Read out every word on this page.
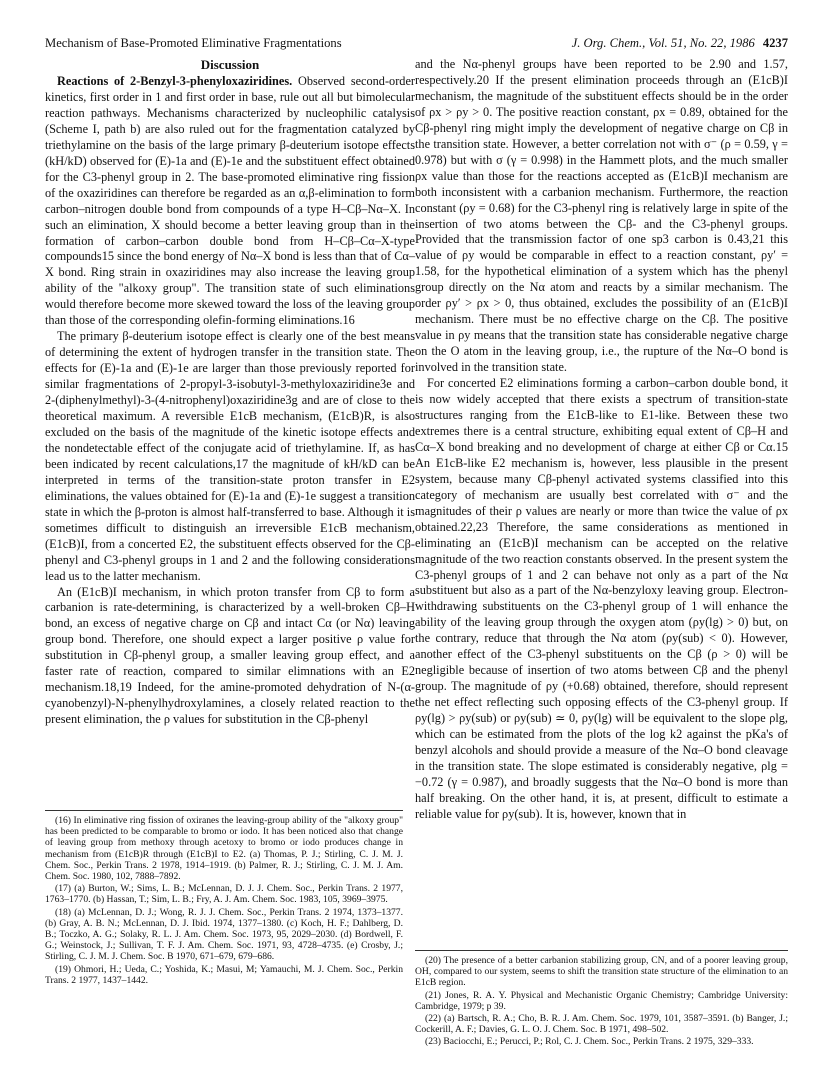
Mechanism of Base-Promoted Eliminative Fragmentations	J. Org. Chem., Vol. 51, No. 22, 1986 4237
Discussion

Reactions of 2-Benzyl-3-phenyloxaziridines. Observed second-order kinetics, first order in 1 and first order in base, rule out all but bimolecular reaction pathways. Mechanisms characterized by nucleophilic catalysis (Scheme I, path b) are also ruled out for the fragmentation catalyzed by triethylamine on the basis of the large primary β-deuterium isotope effects (kH/kD) observed for (E)-1a and (E)-1e and the substituent effect obtained for the C3-phenyl group in 2. The base-promoted eliminative ring fission of the oxaziridines can therefore be regarded as an α,β-elimination to form carbon–nitrogen double bond from compounds of a type H–Cβ–Nα–X. In such an elimination, X should become a better leaving group than in the formation of carbon–carbon double bond from H–Cβ–Cα–X-type compounds15 since the bond energy of Nα–X bond is less than that of Cα–X bond. Ring strain in oxaziridines may also increase the leaving group ability of the "alkoxy group". The transition state of such eliminations would therefore become more skewed toward the loss of the leaving group than those of the corresponding olefin-forming eliminations.16

The primary β-deuterium isotope effect is clearly one of the best means of determining the extent of hydrogen transfer in the transition state. The effects for (E)-1a and (E)-1e are larger than those previously reported for similar fragmentations of 2-propyl-3-isobutyl-3-methyloxaziridine3e and 2-(diphenylmethyl)-3-(4-nitrophenyl)oxaziridine3g and are of close to the theoretical maximum. A reversible E1cB mechanism, (E1cB)R, is also excluded on the basis of the magnitude of the kinetic isotope effects and the nondetectable effect of the conjugate acid of triethylamine. If, as has been indicated by recent calculations,17 the magnitude of kH/kD can be interpreted in terms of the transition-state proton transfer in E2 eliminations, the values obtained for (E)-1a and (E)-1e suggest a transition state in which the β-proton is almost half-transferred to base. Although it is sometimes difficult to distinguish an irreversible E1cB mechanism, (E1cB)I, from a concerted E2, the substituent effects observed for the Cβ-phenyl and C3-phenyl groups in 1 and 2 and the following considerations lead us to the latter mechanism.

An (E1cB)I mechanism, in which proton transfer from Cβ to form a carbanion is rate-determining, is characterized by a well-broken Cβ–H bond, an excess of negative charge on Cβ and intact Cα (or Nα) leaving group bond. Therefore, one should expect a larger positive ρ value for substitution in Cβ-phenyl group, a smaller leaving group effect, and a faster rate of reaction, compared to similar elimnations with an E2 mechanism.18,19 Indeed, for the amine-promoted dehydration of N-(α-cyanobenzyl)-N-phenylhydroxylamines, a closely related reaction to the present elimination, the ρ values for substitution in the Cβ-phenyl

(16) In eliminative ring fission of oxiranes the leaving-group ability of the "alkoxy group" has been predicted to be comparable to bromo or iodo. It has been noticed also that change of leaving group from methoxy through acetoxy to bromo or iodo produces change in mechanism from (E1cB)R through (E1cB)I to E2. (a) Thomas, P. J.; Stirling, C. J. M. J. Chem. Soc., Perkin Trans. 2 1978, 1914–1919. (b) Palmer, R. J.; Stirling, C. J. M. J. Am. Chem. Soc. 1980, 102, 7888–7892.

(17) (a) Burton, W.; Sims, L. B.; McLennan, D. J. J. Chem. Soc., Perkin Trans. 2 1977, 1763–1770. (b) Hassan, T.; Sim, L. B.; Fry, A. J. Am. Chem. Soc. 1983, 105, 3969–3975.

(18) (a) McLennan, D. J.; Wong, R. J. J. Chem. Soc., Perkin Trans. 2 1974, 1373–1377. (b) Gray, A. B. N.; McLennan, D. J. Ibid. 1974, 1377–1380. (c) Koch, H. F.; Dahlberg, D. B.; Toczko, A. G.; Solaky, R. L. J. Am. Chem. Soc. 1973, 95, 2029–2030. (d) Bordwell, F. G.; Weinstock, J.; Sullivan, T. F. J. Am. Chem. Soc. 1971, 93, 4728–4735. (e) Crosby, J.; Stirling, C. J. M. J. Chem. Soc. B 1970, 671–679, 679–686.

(19) Ohmori, H.; Ueda, C.; Yoshida, K.; Masui, M; Yamauchi, M. J. Chem. Soc., Perkin Trans. 2 1977, 1437–1442.

and the Nα-phenyl groups have been reported to be 2.90 and 1.57, respectively.20 If the present elimination proceeds through an (E1cB)I mechanism, the magnitude of the substituent effects should be in the order of ρx > ρy > 0. The positive reaction constant, ρx = 0.89, obtained for the Cβ-phenyl ring might imply the development of negative charge on Cβ in the transition state. However, a better correlation not with σ⁻ (ρ = 0.59, γ = 0.978) but with σ (γ = 0.998) in the Hammett plots, and the much smaller ρx value than those for the reactions accepted as (E1cB)I mechanism are both inconsistent with a carbanion mechanism. Furthermore, the reaction constant (ρy = 0.68) for the C3-phenyl ring is relatively large in spite of the insertion of two atoms between the Cβ- and the C3-phenyl groups. Provided that the transmission factor of one sp3 carbon is 0.43,21 this value of ρy would be comparable in effect to a reaction constant, ρy′ = 1.58, for the hypothetical elimination of a system which has the phenyl group directly on the Nα atom and reacts by a similar mechanism. The order ρy′ > ρx > 0, thus obtained, excludes the possibility of an (E1cB)I mechanism. There must be no effective charge on the Cβ. The positive value in ρy means that the transition state has considerable negative charge on the O atom in the leaving group, i.e., the rupture of the Nα–O bond is involved in the transition state.

For concerted E2 eliminations forming a carbon–carbon double bond, it is now widely accepted that there exists a spectrum of transition-state structures ranging from the E1cB-like to E1-like. Between these two extremes there is a central structure, exhibiting equal extent of Cβ–H and Cα–X bond breaking and no development of charge at either Cβ or Cα.15 An E1cB-like E2 mechanism is, however, less plausible in the present system, because many Cβ-phenyl activated systems classified into this category of mechanism are usually best correlated with σ⁻ and the magnitudes of their ρ values are nearly or more than twice the value of ρx obtained.22,23 Therefore, the same considerations as mentioned in eliminating an (E1cB)I mechanism can be accepted on the relative magnitude of the two reaction constants observed. In the present system the C3-phenyl groups of 1 and 2 can behave not only as a part of the Nα substituent but also as a part of the Nα-benzyloxy leaving group. Electron-withdrawing substituents on the C3-phenyl group of 1 will enhance the ability of the leaving group through the oxygen atom (ρy(lg) > 0) but, on the contrary, reduce that through the Nα atom (ρy(sub) < 0). However, another effect of the C3-phenyl substituents on the Cβ (ρ > 0) will be negligible because of insertion of two atoms between Cβ and the phenyl group. The magnitude of ρy (+0.68) obtained, therefore, should represent the net effect reflecting such opposing effects of the C3-phenyl group. If ρy(lg) > ρy(sub) or ρy(sub) ≃ 0, ρy(lg) will be equivalent to the slope ρlg, which can be estimated from the plots of the log k2 against the pKa's of benzyl alcohols and should provide a measure of the Nα–O bond cleavage in the transition state. The slope estimated is considerably negative, ρlg = −0.72 (γ = 0.987), and broadly suggests that the Nα–O bond is more than half breaking. On the other hand, it is, at present, difficult to estimate a reliable value for ρy(sub). It is, however, known that in

(20) The presence of a better carbanion stabilizing group, CN, and of a poorer leaving group, OH, compared to our system, seems to shift the transition state structure of the elimination to an E1cB region.

(21) Jones, R. A. Y. Physical and Mechanistic Organic Chemistry; Cambridge University: Cambridge, 1979; p 39.

(22) (a) Bartsch, R. A.; Cho, B. R. J. Am. Chem. Soc. 1979, 101, 3587–3591. (b) Banger, J.; Cockerill, A. F.; Davies, G. L. O. J. Chem. Soc. B 1971, 498–502.

(23) Baciocchi, E.; Perucci, P.; Rol, C. J. Chem. Soc., Perkin Trans. 2 1975, 329–333.
